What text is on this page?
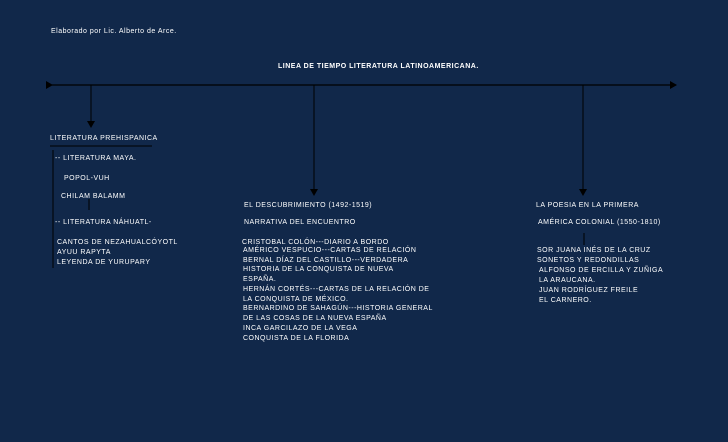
Elaborado por Lic. Alberto de Arce.
LINEA DE TIEMPO LITERATURA LATINOAMERICANA.
LITERATURA PREHISPANICA
-- LITERATURA MAYA.
POPOL-VUH
CHILAM BALAMM
-- LITERATURA NÁHUATL-
CANTOS DE NEZAHUALCÓYOTL
AYUU RAPYTA
LEYENDA DE YURUPARY
EL DESCUBRIMIENTO (1492-1519)
NARRATIVA DEL ENCUENTRO
CRISTOBAL COLÓN---DIARIO A BORDO
AMÉRICO VESPUCIO---CARTAS DE RELACIÓN
BERNAL DÍAZ DEL CASTILLO---VERDADERA
HISTORIA DE LA CONQUISTA DE NUEVA
ESPAÑA.
HERNÁN CORTÉS---CARTAS DE LA RELACIÓN DE
LA CONQUISTA DE MÉXICO.
BERNARDINO DE SAHAGÚN---HISTORIA GENERAL
DE LAS COSAS DE LA NUEVA ESPAÑA
INCA GARCILAZO DE LA VEGA
CONQUISTA DE LA FLORIDA
LA POESIA EN LA PRIMERA
AMÉRICA COLONIAL (1550-1810)
SOR JUANA INÉS DE LA CRUZ
SONETOS Y REDONDILLAS
ALFONSO DE ERCILLA Y ZUÑIGA
LA ARAUCANA.
JUAN RODRÍGUEZ FREILE
EL CARNERO.
